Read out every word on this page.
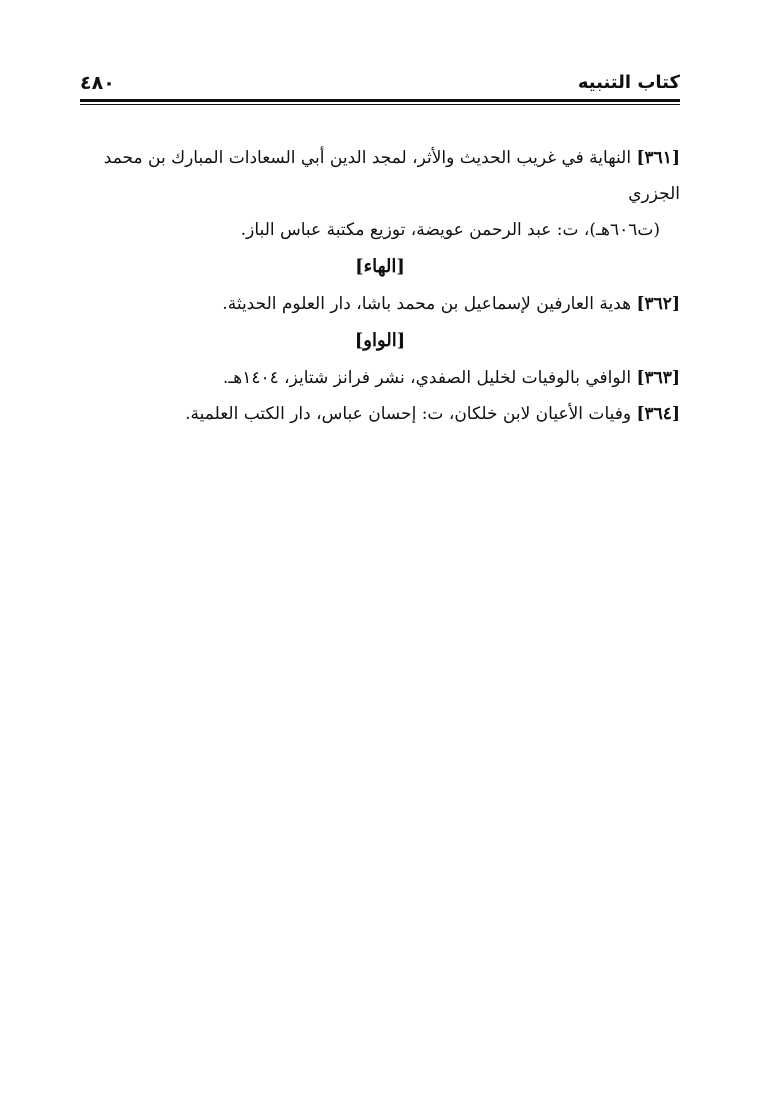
٤٨٠	كتاب التنبيه

[٣٦١] النهاية في غريب الحديث والأثر، لمجد الدين أبي السعادات المبارك بن محمد الجزري

(ت٦٠٦هـ)، ت: عبد الرحمن عويضة، توزيع مكتبة عباس الباز.

[الهاء]

[٣٦٢] هدية العارفين لإسماعيل بن محمد باشا، دار العلوم الحديثة.

[الواو]

[٣٦٣] الوافي بالوفيات لخليل الصفدي، نشر فرانز شتايز، ١٤٠٤هـ.

[٣٦٤] وفيات الأعيان لابن خلكان، ت: إحسان عباس، دار الكتب العلمية.
